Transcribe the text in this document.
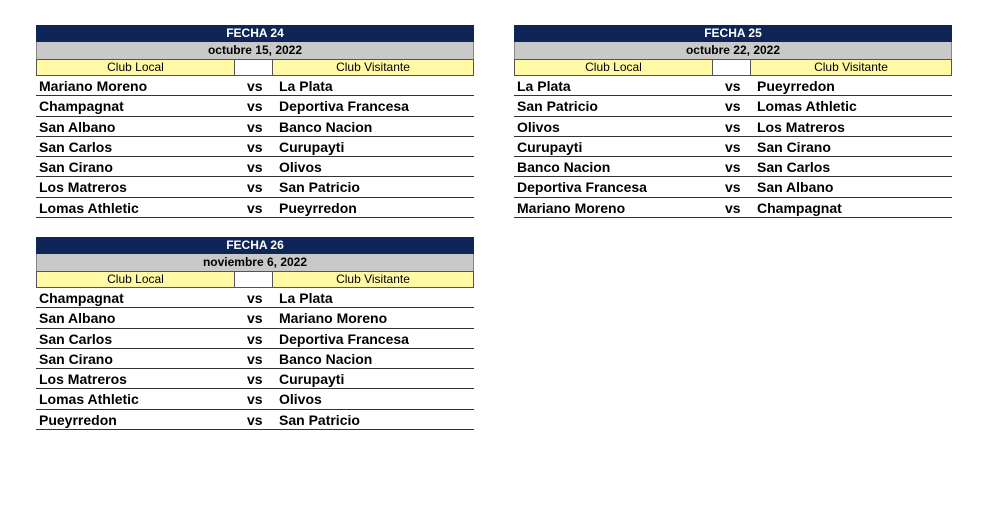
FECHA 24
octubre 15, 2022
Club Local	Club Visitante
Mariano Moreno	vs	La Plata
Champagnat	vs	Deportiva Francesa
San Albano	vs	Banco Nacion
San Carlos	vs	Curupayti
San Cirano	vs	Olivos
Los Matreros	vs	San Patricio
Lomas Athletic	vs	Pueyrredon
FECHA 25
octubre 22, 2022
Club Local	Club Visitante
La Plata	vs	Pueyrredon
San Patricio	vs	Lomas Athletic
Olivos	vs	Los Matreros
Curupayti	vs	San Cirano
Banco Nacion	vs	San Carlos
Deportiva Francesa	vs	San Albano
Mariano Moreno	vs	Champagnat
FECHA 26
noviembre 6, 2022
Club Local	Club Visitante
Champagnat	vs	La Plata
San Albano	vs	Mariano Moreno
San Carlos	vs	Deportiva Francesa
San Cirano	vs	Banco Nacion
Los Matreros	vs	Curupayti
Lomas Athletic	vs	Olivos
Pueyrredon	vs	San Patricio
